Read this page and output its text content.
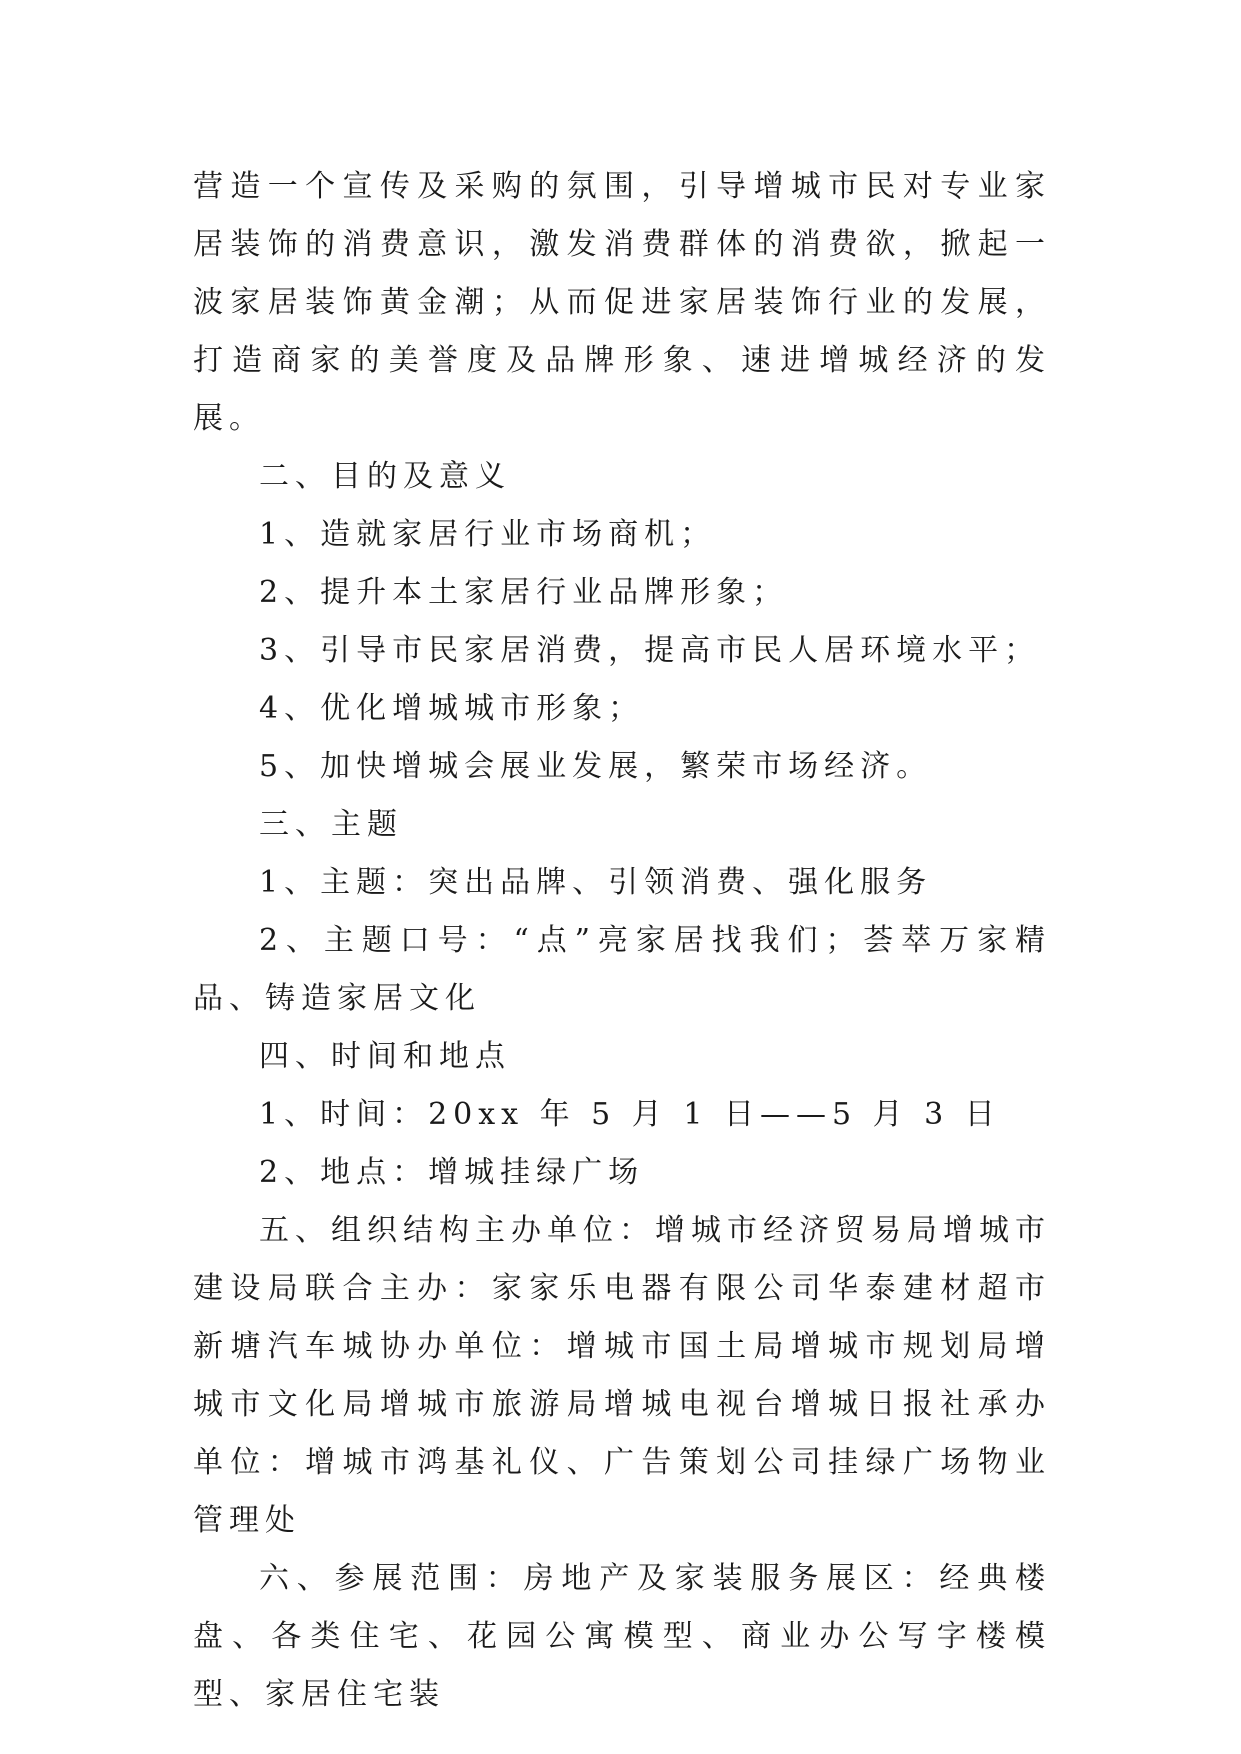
营造一个宣传及采购的氛围，引导增城市民对专业家居装饰的消费意识，激发消费群体的消费欲，掀起一波家居装饰黄金潮；从而促进家居装饰行业的发展，打造商家的美誉度及品牌形象、速进增城经济的发展。

二、目的及意义

1、造就家居行业市场商机；

2、提升本土家居行业品牌形象；

3、引导市民家居消费，提高市民人居环境水平；

4、优化增城城市形象；

5、加快增城会展业发展，繁荣市场经济。

三、主题

1、主题：突出品牌、引领消费、强化服务

2、主题口号：“点”亮家居找我们；荟萃万家精品、铸造家居文化

四、时间和地点

1、时间：20xx 年 5 月 1 日——5 月 3 日

2、地点：增城挂绿广场

五、组织结构主办单位：增城市经济贸易局增城市建设局联合主办：家家乐电器有限公司华泰建材超市新塘汽车城协办单位：增城市国土局增城市规划局增城市文化局增城市旅游局增城电视台增城日报社承办单位：增城市鸿基礼仪、广告策划公司挂绿广场物业管理处

六、参展范围：房地产及家装服务展区：经典楼盘、各类住宅、花园公寓模型、商业办公写字楼模型、家居住宅装
